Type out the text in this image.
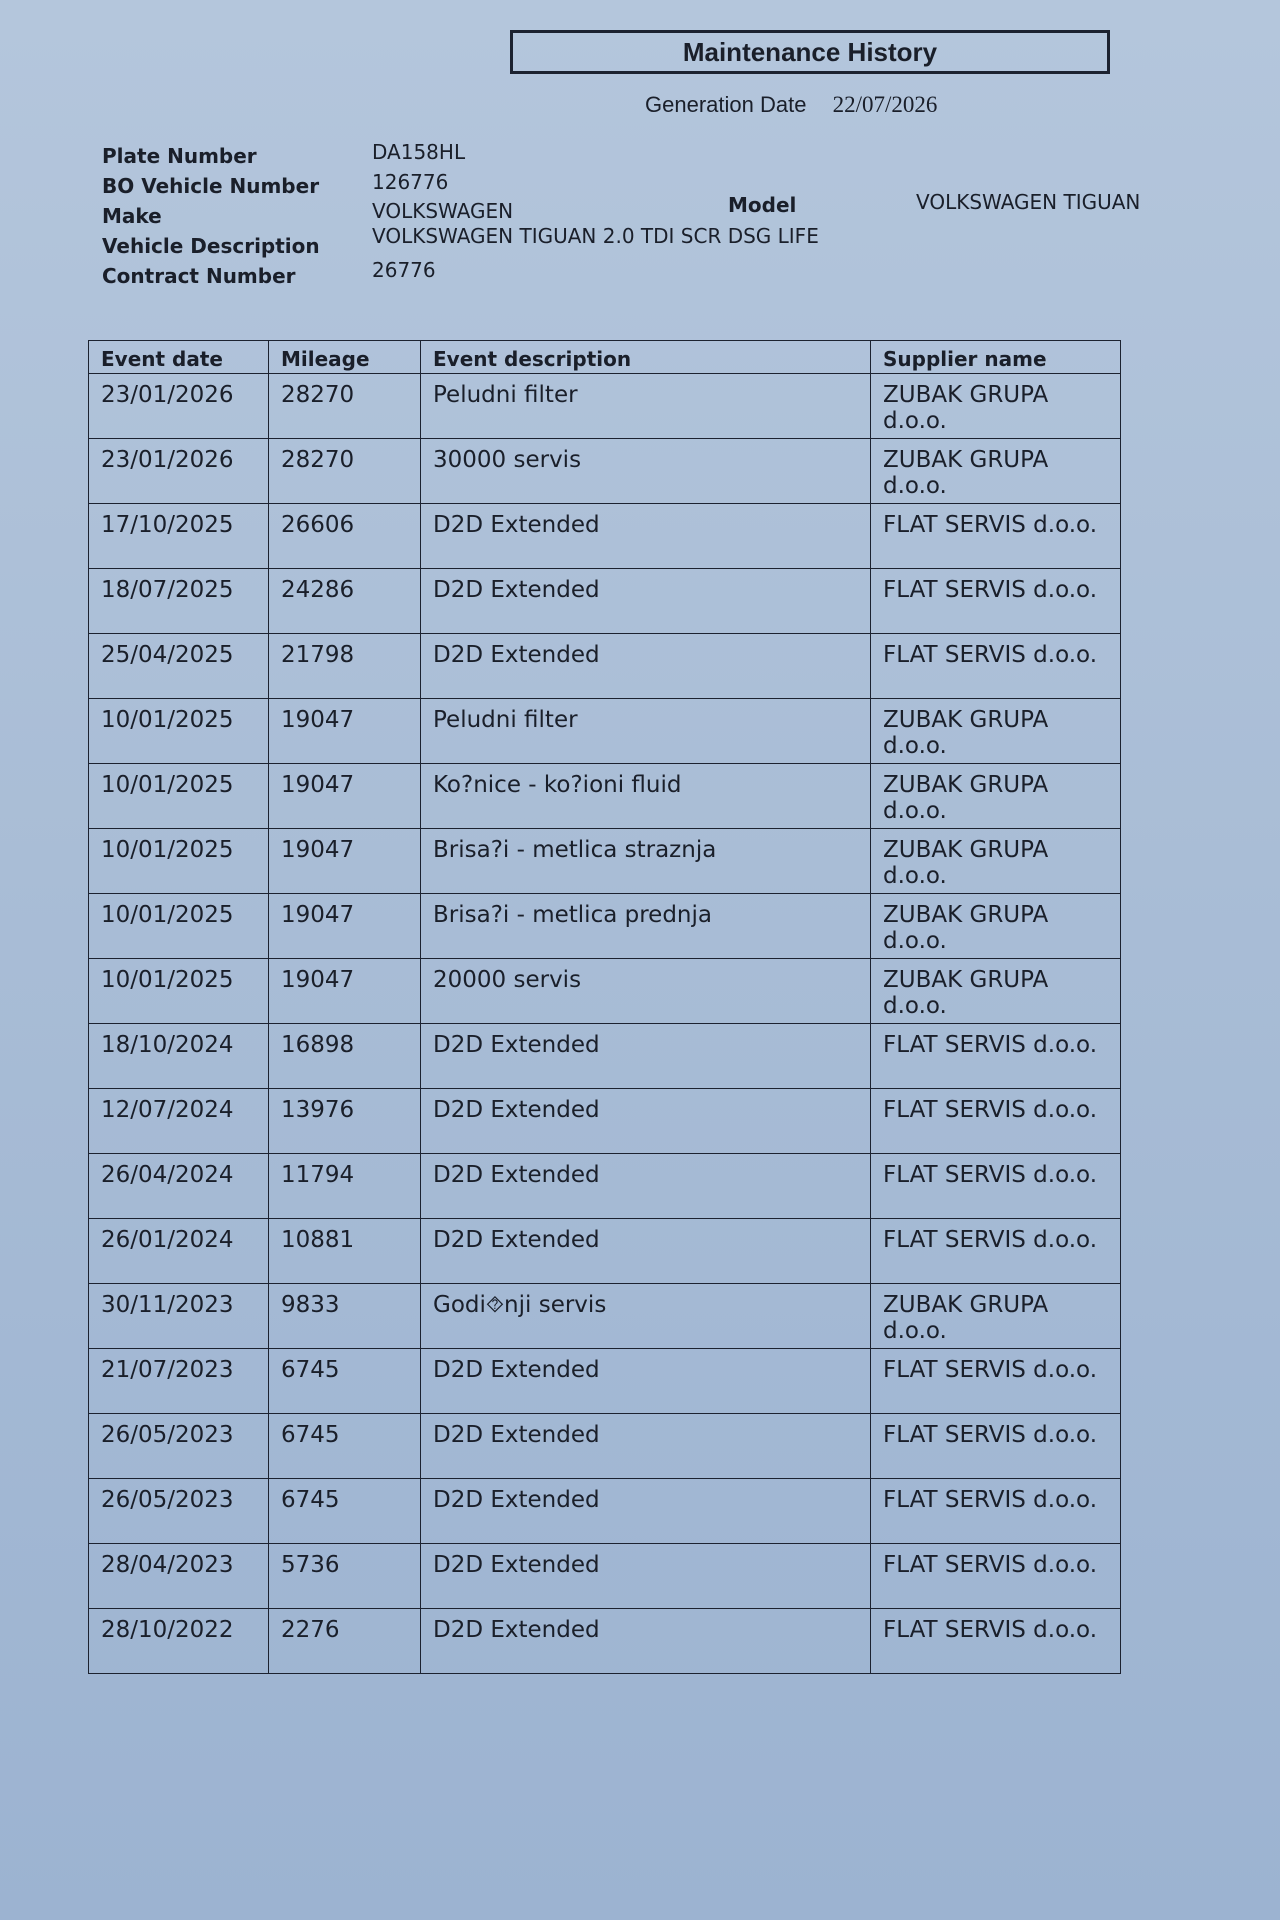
Maintenance History
Generation Date 22/07/2026
Plate Number	DA158HL
BO Vehicle Number	126776
Make	VOLKSWAGEN	Model	VOLKSWAGEN TIGUAN
Vehicle Description	VOLKSWAGEN TIGUAN 2.0 TDI SCR DSG LIFE
Contract Number	26776
Event date	Mileage	Event description	Supplier name
23/01/2026	28270	Peludni filter	ZUBAK GRUPA d.o.o.
23/01/2026	28270	30000 servis	ZUBAK GRUPA d.o.o.
17/10/2025	26606	D2D Extended	FLAT SERVIS d.o.o.
18/07/2025	24286	D2D Extended	FLAT SERVIS d.o.o.
25/04/2025	21798	D2D Extended	FLAT SERVIS d.o.o.
10/01/2025	19047	Peludni filter	ZUBAK GRUPA d.o.o.
10/01/2025	19047	Ko?nice - ko?ioni fluid	ZUBAK GRUPA d.o.o.
10/01/2025	19047	Brisa?i - metlica straznja	ZUBAK GRUPA d.o.o.
10/01/2025	19047	Brisa?i - metlica prednja	ZUBAK GRUPA d.o.o.
10/01/2025	19047	20000 servis	ZUBAK GRUPA d.o.o.
18/10/2024	16898	D2D Extended	FLAT SERVIS d.o.o.
12/07/2024	13976	D2D Extended	FLAT SERVIS d.o.o.
26/04/2024	11794	D2D Extended	FLAT SERVIS d.o.o.
26/01/2024	10881	D2D Extended	FLAT SERVIS d.o.o.
30/11/2023	9833	Godi⯑nji servis	ZUBAK GRUPA d.o.o.
21/07/2023	6745	D2D Extended	FLAT SERVIS d.o.o.
26/05/2023	6745	D2D Extended	FLAT SERVIS d.o.o.
26/05/2023	6745	D2D Extended	FLAT SERVIS d.o.o.
28/04/2023	5736	D2D Extended	FLAT SERVIS d.o.o.
28/10/2022	2276	D2D Extended	FLAT SERVIS d.o.o.
